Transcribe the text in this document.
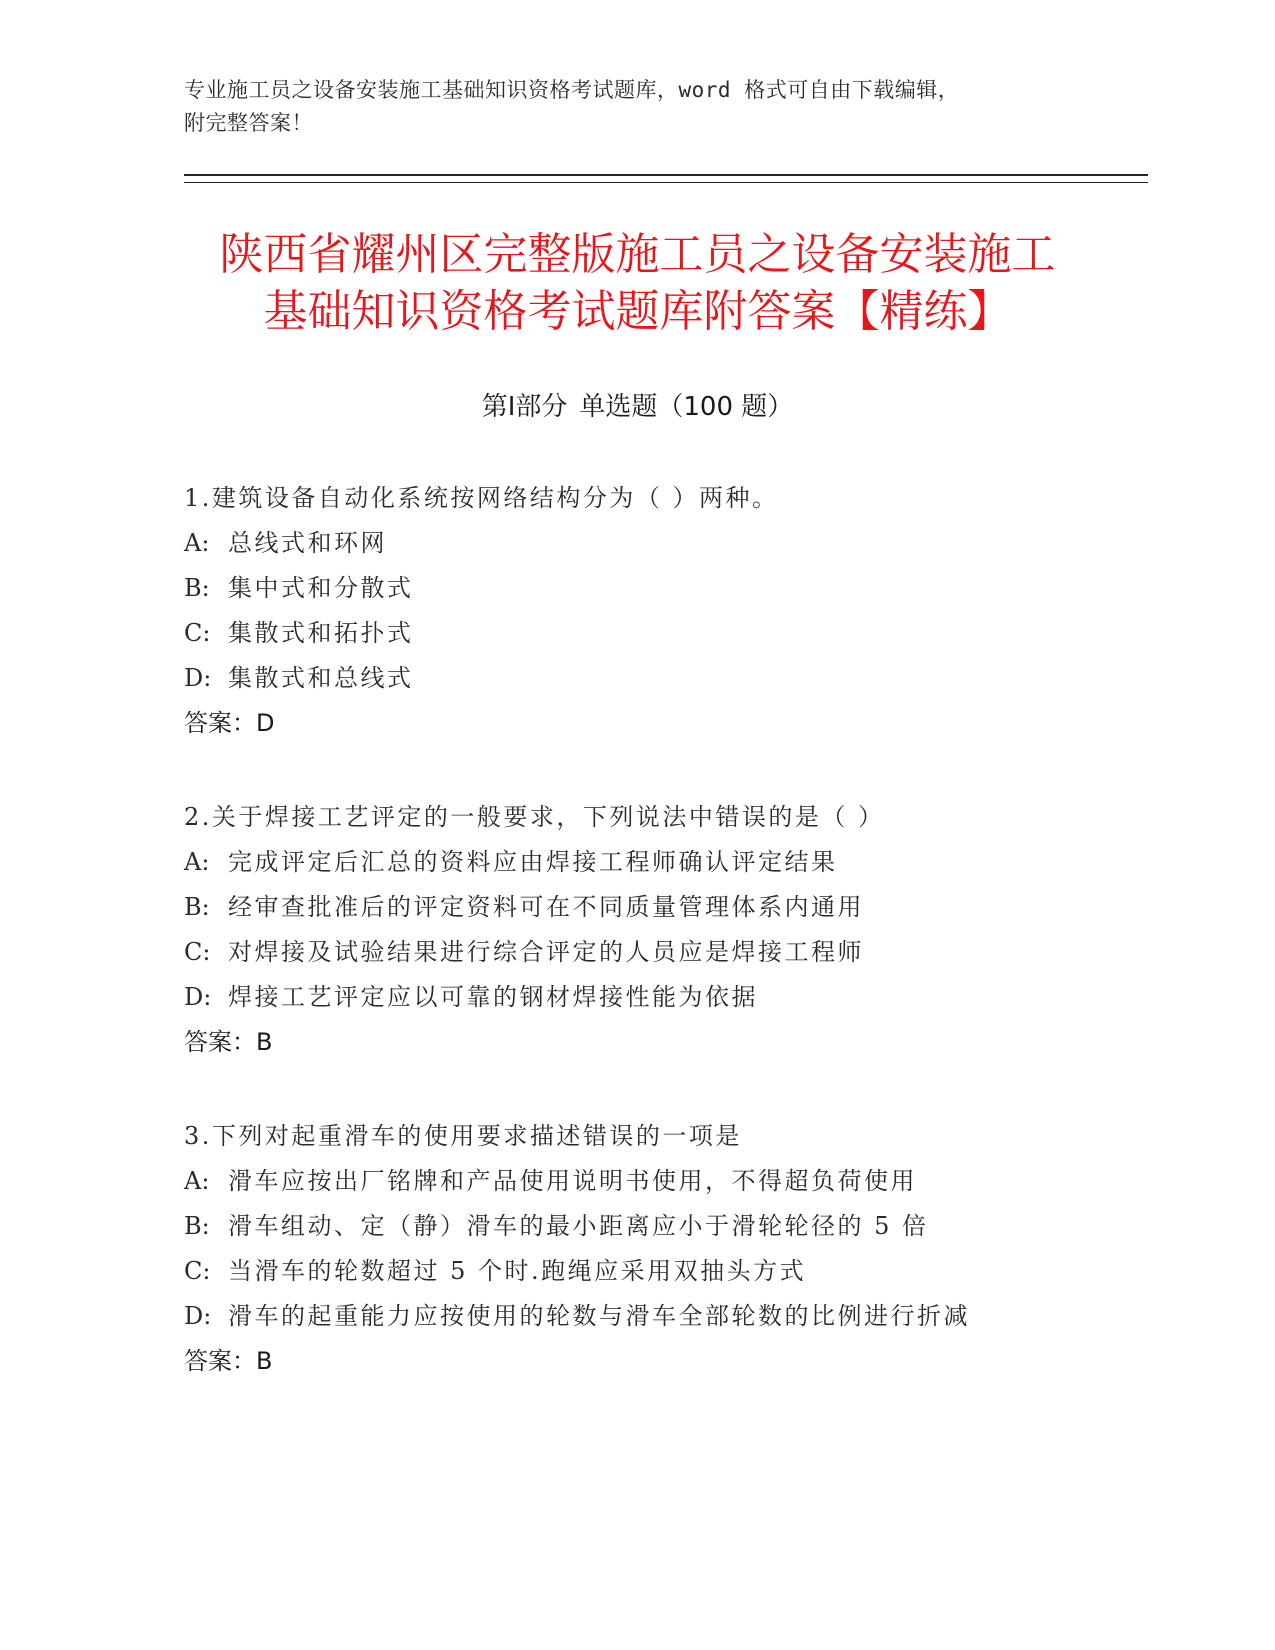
专业施工员之设备安装施工基础知识资格考试题库，word 格式可自由下载编辑，
附完整答案！
陕西省耀州区完整版施工员之设备安装施工
基础知识资格考试题库附答案【精练】
第Ⅰ部分 单选题（100 题）
1.建筑设备自动化系统按网络结构分为（ ）两种。
A: 总线式和环网
B: 集中式和分散式
C: 集散式和拓扑式
D: 集散式和总线式
答案：D
2.关于焊接工艺评定的一般要求，下列说法中错误的是（ ）
A: 完成评定后汇总的资料应由焊接工程师确认评定结果
B: 经审查批准后的评定资料可在不同质量管理体系内通用
C: 对焊接及试验结果进行综合评定的人员应是焊接工程师
D: 焊接工艺评定应以可靠的钢材焊接性能为依据
答案：B
3.下列对起重滑车的使用要求描述错误的一项是
A: 滑车应按出厂铭牌和产品使用说明书使用，不得超负荷使用
B: 滑车组动、定（静）滑车的最小距离应小于滑轮轮径的 5 倍
C: 当滑车的轮数超过 5 个时.跑绳应采用双抽头方式
D: 滑车的起重能力应按使用的轮数与滑车全部轮数的比例进行折减
答案：B
